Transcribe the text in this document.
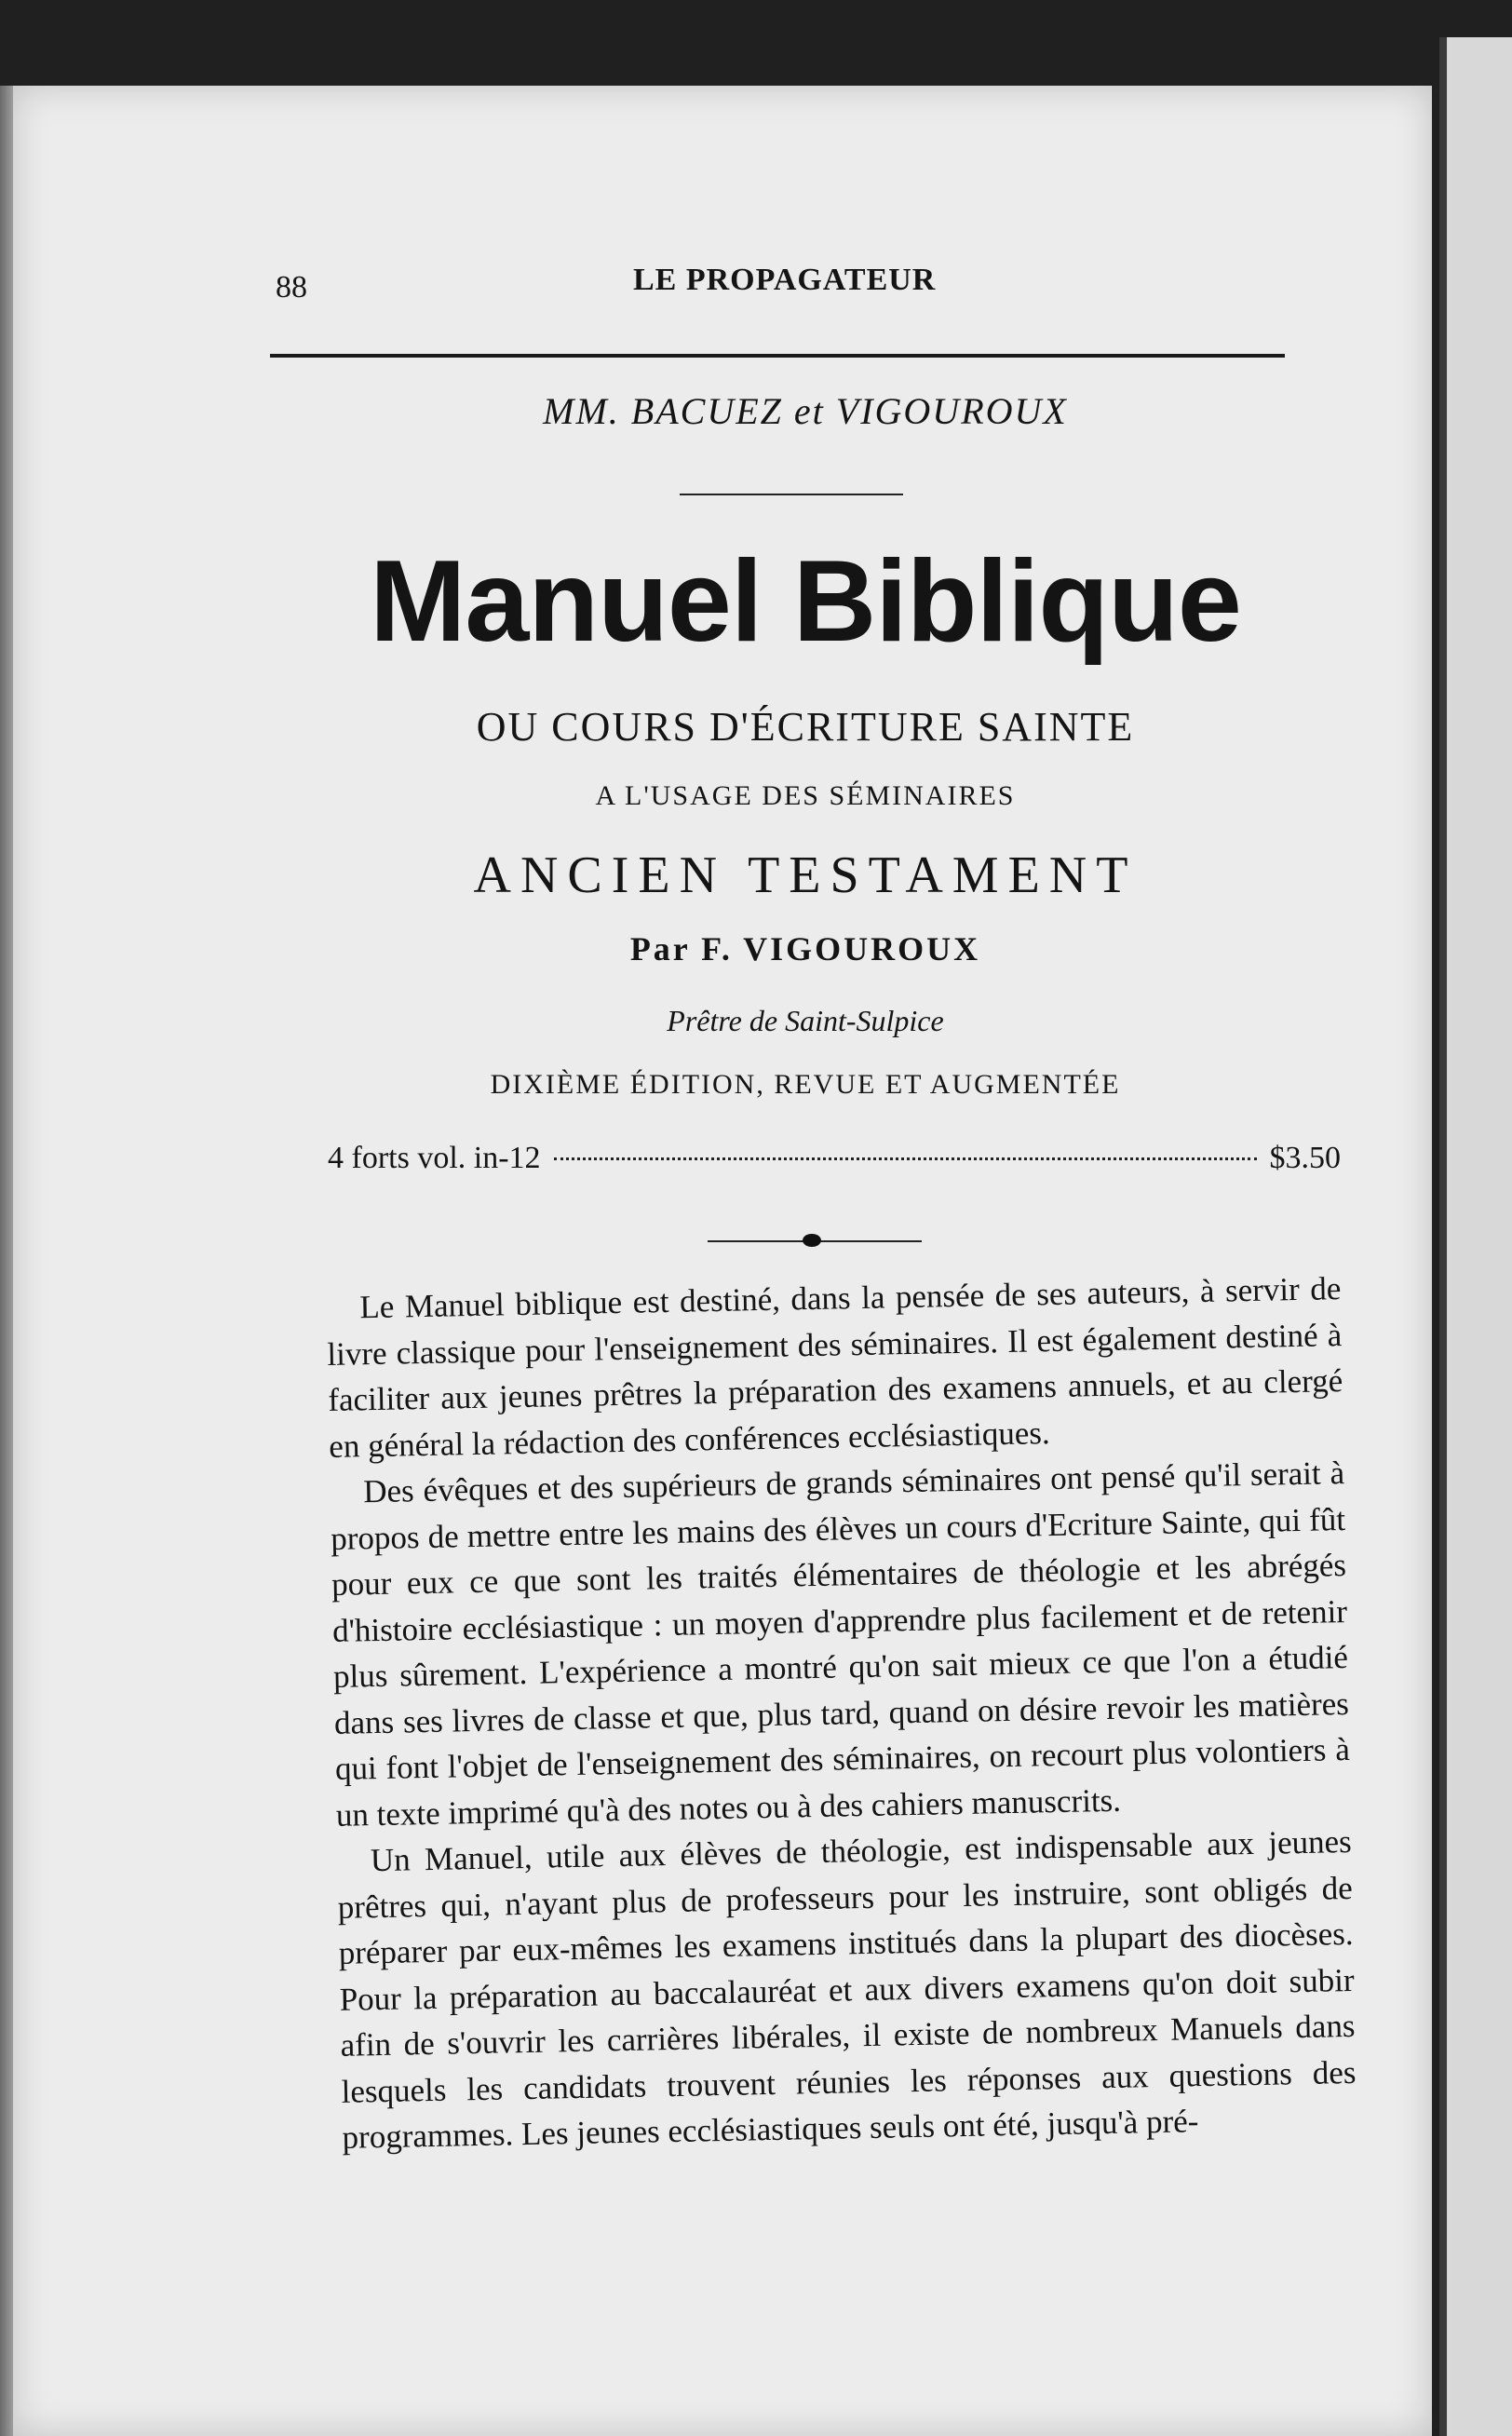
88	LE PROPAGATEUR
MM. BACUEZ et VIGOUROUX
Manuel Biblique
OU COURS D'ÉCRITURE SAINTE
A L'USAGE DES SÉMINAIRES
ANCIEN TESTAMENT
Par F. VIGOUROUX
Prêtre de Saint-Sulpice
DIXIÈME ÉDITION, REVUE ET AUGMENTÉE
4 forts vol. in-12	$3.50

Le Manuel biblique est destiné, dans la pensée de ses auteurs, à servir de livre classique pour l'enseignement des séminaires. Il est également destiné à faciliter aux jeunes prêtres la préparation des examens annuels, et au clergé en général la rédaction des conférences ecclésiastiques.

Des évêques et des supérieurs de grands séminaires ont pensé qu'il serait à propos de mettre entre les mains des élèves un cours d'Ecriture Sainte, qui fût pour eux ce que sont les traités élémentaires de théologie et les abrégés d'histoire ecclésiastique : un moyen d'apprendre plus facilement et de retenir plus sûrement. L'expérience a montré qu'on sait mieux ce que l'on a étudié dans ses livres de classe et que, plus tard, quand on désire revoir les matières qui font l'objet de l'enseignement des séminaires, on recourt plus volontiers à un texte imprimé qu'à des notes ou à des cahiers manuscrits.

Un Manuel, utile aux élèves de théologie, est indispensable aux jeunes prêtres qui, n'ayant plus de professeurs pour les instruire, sont obligés de préparer par eux-mêmes les examens institués dans la plupart des diocèses. Pour la préparation au baccalauréat et aux divers examens qu'on doit subir afin de s'ouvrir les carrières libérales, il existe de nombreux Manuels dans lesquels les candidats trouvent réunies les réponses aux questions des programmes. Les jeunes ecclésiastiques seuls ont été, jusqu'à pré-
